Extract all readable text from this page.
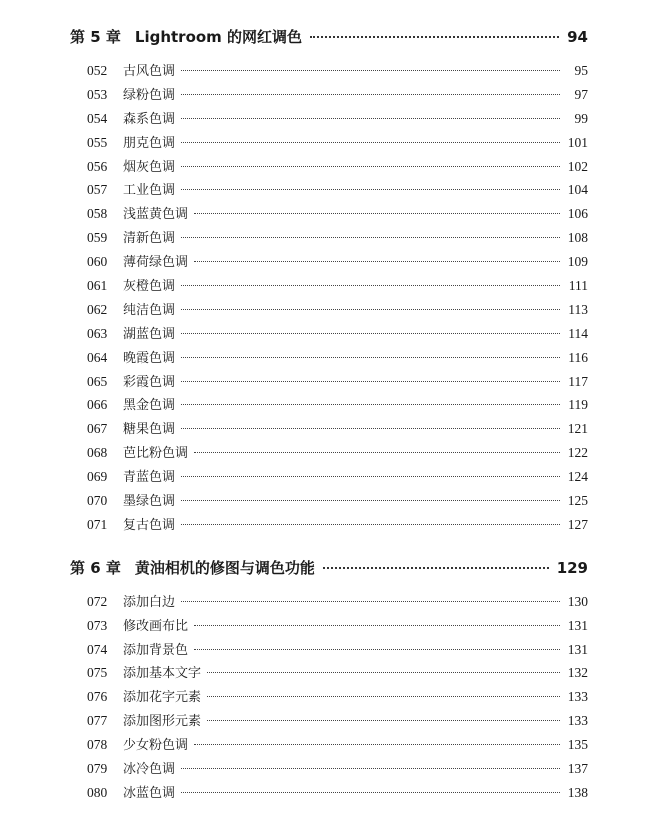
第 5 章 Lightroom 的网红调色	94
052	古风色调	95
053	绿粉色调	97
054	森系色调	99
055	朋克色调	101
056	烟灰色调	102
057	工业色调	104
058	浅蓝黄色调	106
059	清新色调	108
060	薄荷绿色调	109
061	灰橙色调	111
062	纯洁色调	113
063	湖蓝色调	114
064	晚霞色调	116
065	彩霞色调	117
066	黑金色调	119
067	糖果色调	121
068	芭比粉色调	122
069	青蓝色调	124
070	墨绿色调	125
071	复古色调	127
第 6 章 黄油相机的修图与调色功能	129
072	添加白边	130
073	修改画布比	131
074	添加背景色	131
075	添加基本文字	132
076	添加花字元素	133
077	添加图形元素	133
078	少女粉色调	135
079	冰冷色调	137
080	冰蓝色调	138
